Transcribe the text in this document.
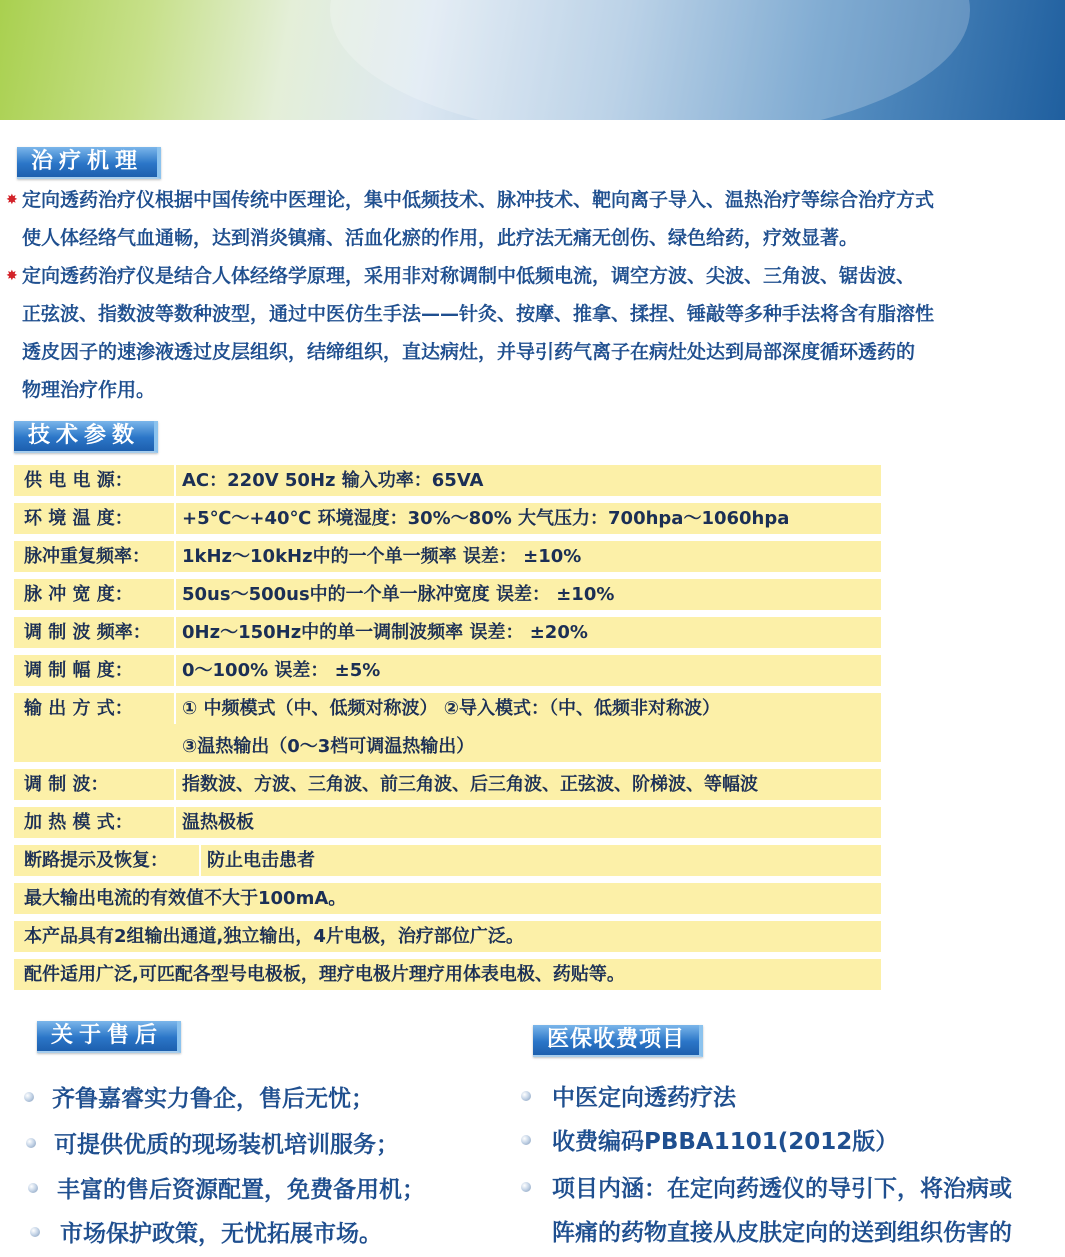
治疗机理
✸ 定向透药治疗仪根据中国传统中医理论，集中低频技术、脉冲技术、靶向离子导入、温热治疗等综合治疗方式
使人体经络气血通畅，达到消炎镇痛、活血化瘀的作用，此疗法无痛无创伤、绿色给药，疗效显著。
✸ 定向透药治疗仪是结合人体经络学原理，采用非对称调制中低频电流，调空方波、尖波、三角波、锯齿波、
正弦波、指数波等数种波型，通过中医仿生手法——针灸、按摩、推拿、揉捏、锤敲等多种手法将含有脂溶性
透皮因子的速渗液透过皮层组织，结缔组织，直达病灶，并导引药气离子在病灶处达到局部深度循环透药的
物理治疗作用。
技术参数
供 电 电 源：	AC：220V 50Hz 输入功率：65VA
环 境 温 度：	+5℃～+40℃ 环境湿度：30%～80% 大气压力：700hpa～1060hpa
脉冲重复频率：	1kHz～10kHz中的一个单一频率 误差： ±10%
脉 冲 宽 度：	50us～500us中的一个单一脉冲宽度 误差： ±10%
调 制 波 频率：	0Hz～150Hz中的单一调制波频率 误差： ±20%
调 制 幅 度：	0～100% 误差： ±5%
输 出 方 式：	① 中频模式（中、低频对称波） ②导入模式：（中、低频非对称波）
③温热输出（0～3档可调温热输出）
调 制 波：	指数波、方波、三角波、前三角波、后三角波、正弦波、阶梯波、等幅波
加 热 模 式：	温热极板
断路提示及恢复：	防止电击患者
最大输出电流的有效值不大于100mA。
本产品具有2组输出通道,独立输出，4片电极，治疗部位广泛。
配件适用广泛,可匹配各型号电极板，理疗电极片理疗用体表电极、药贴等。
关于售后
齐鲁嘉睿实力鲁企，售后无忧；
可提供优质的现场装机培训服务；
丰富的售后资源配置，免费备用机；
市场保护政策，无忧拓展市场。
医保收费项目
中医定向透药疗法
收费编码PBBA1101(2012版）
项目内涵：在定向药透仪的导引下，将治病或
阵痛的药物直接从皮肤定向的送到组织伤害的
